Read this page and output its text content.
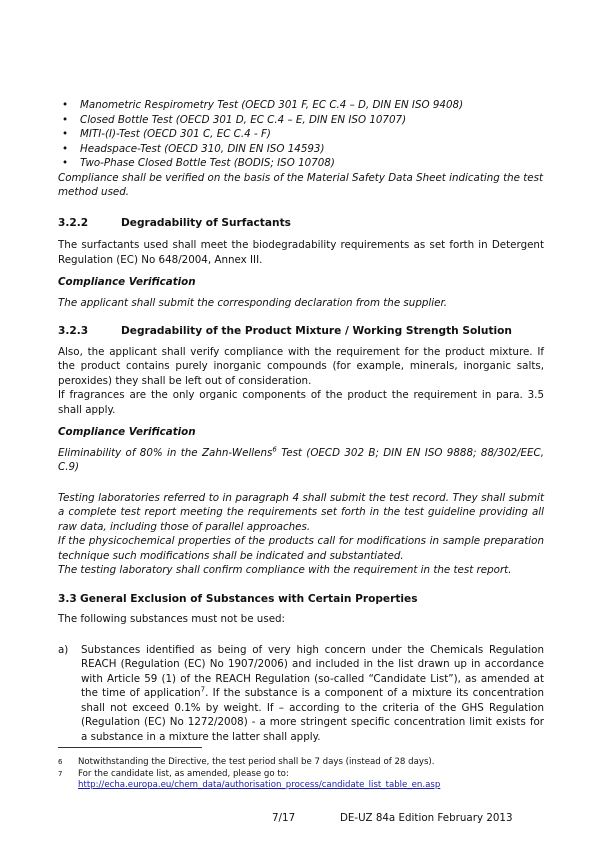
• Manometric Respirometry Test (OECD 301 F, EC C.4 – D, DIN EN ISO 9408)
• Closed Bottle Test (OECD 301 D, EC C.4 – E, DIN EN ISO 10707)
• MITI-(I)-Test (OECD 301 C, EC C.4 - F)
• Headspace-Test (OECD 310, DIN EN ISO 14593)
• Two-Phase Closed Bottle Test (BODIS; ISO 10708)

Compliance shall be verified on the basis of the Material Safety Data Sheet indicating the test method used.

3.2.2	Degradability of Surfactants

The surfactants used shall meet the biodegradability requirements as set forth in Detergent Regulation (EC) No 648/2004, Annex III.

Compliance Verification

The applicant shall submit the corresponding declaration from the supplier.

3.2.3	Degradability of the Product Mixture / Working Strength Solution

Also, the applicant shall verify compliance with the requirement for the product mixture. If the product contains purely inorganic compounds (for example, minerals, inorganic salts, peroxides) they shall be left out of consideration.

If fragrances are the only organic components of the product the requirement in para. 3.5 shall apply.

Compliance Verification

Eliminability of 80% in the Zahn-Wellens$^6$ Test (OECD 302 B; DIN EN ISO 9888; 88/302/EEC, C.9)

Testing laboratories referred to in paragraph 4 shall submit the test record. They shall submit a complete test report meeting the requirements set forth in the test guideline providing all raw data, including those of parallel approaches.

If the physicochemical properties of the products call for modifications in sample preparation technique such modifications shall be indicated and substantiated.

The testing laboratory shall confirm compliance with the requirement in the test report.

3.3 General Exclusion of Substances with Certain Properties

The following substances must not be used:

a)	Substances identified as being of very high concern under the Chemicals Regulation REACH (Regulation (EC) No 1907/2006) and included in the list drawn up in accordance with Article 59 (1) of the REACH Regulation (so-called “Candidate List”), as amended at the time of application$^7$. If the substance is a component of a mixture its concentration shall not exceed 0.1% by weight. If – according to the criteria of the GHS Regulation (Regulation (EC) No 1272/2008) - a more stringent specific concentration limit exists for a substance in a mixture the latter shall apply.

6	Notwithstanding the Directive, the test period shall be 7 days (instead of 28 days).
7	For the candidate list, as amended, please go to:
http://echa.europa.eu/chem_data/authorisation_process/candidate_list_table_en.asp
7/17	DE-UZ 84a Edition February 2013
